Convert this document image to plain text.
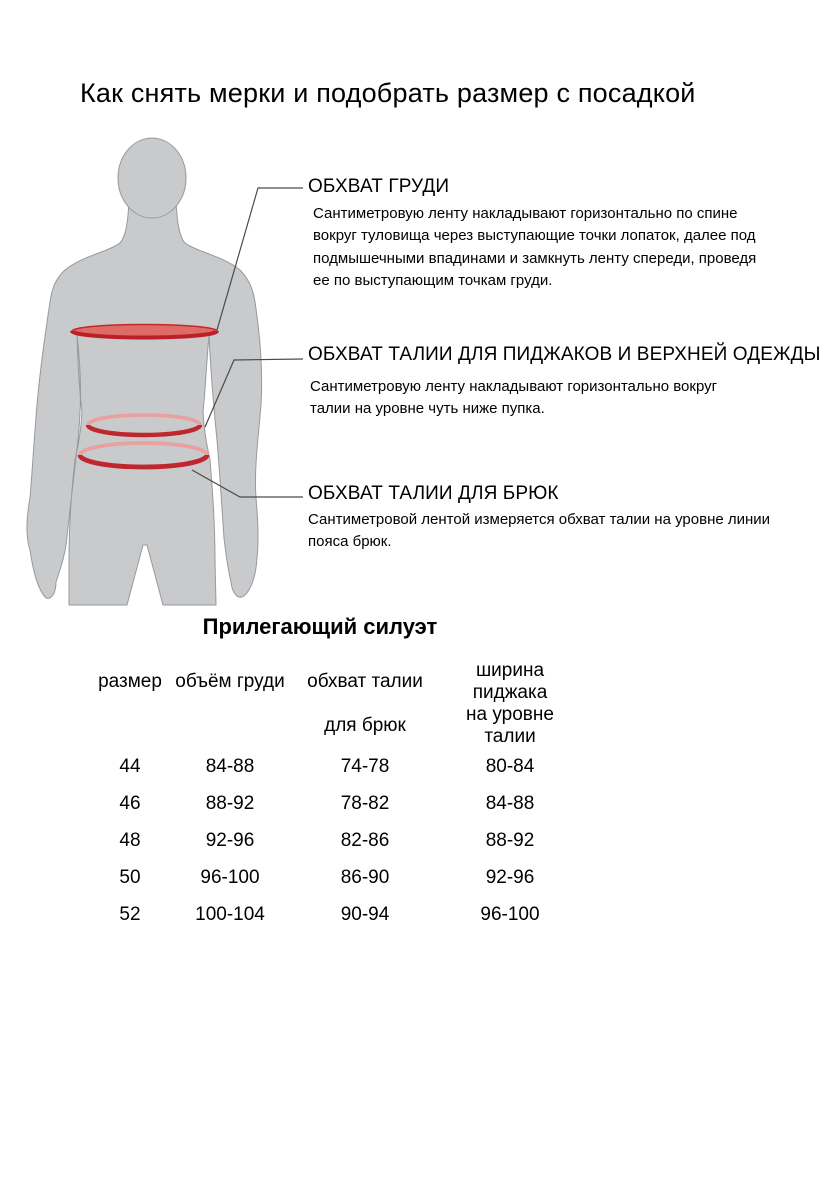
Как снять мерки и подобрать размер с посадкой
ОБХВАТ ГРУДИ
Сантиметровую ленту накладывают горизонтально по спине вокруг туловища через выступающие точки лопаток, далее под подмышечными впадинами и замкнуть ленту спереди, проведя ее по выступающим точкам груди.
ОБХВАТ ТАЛИИ ДЛЯ ПИДЖАКОВ И ВЕРХНЕЙ ОДЕЖДЫ
Сантиметровую ленту накладывают горизонтально вокруг талии на уровне чуть ниже пупка.
ОБХВАТ ТАЛИИ ДЛЯ БРЮК
Сантиметровой лентой измеряется обхват талии на уровне линии пояса брюк.
Прилегающий силуэт
размер	объём груди	обхват талии	ширина пиджака
		для брюк	на уровне талии
44	84-88	74-78	80-84
46	88-92	78-82	84-88
48	92-96	82-86	88-92
50	96-100	86-90	92-96
52	100-104	90-94	96-100
